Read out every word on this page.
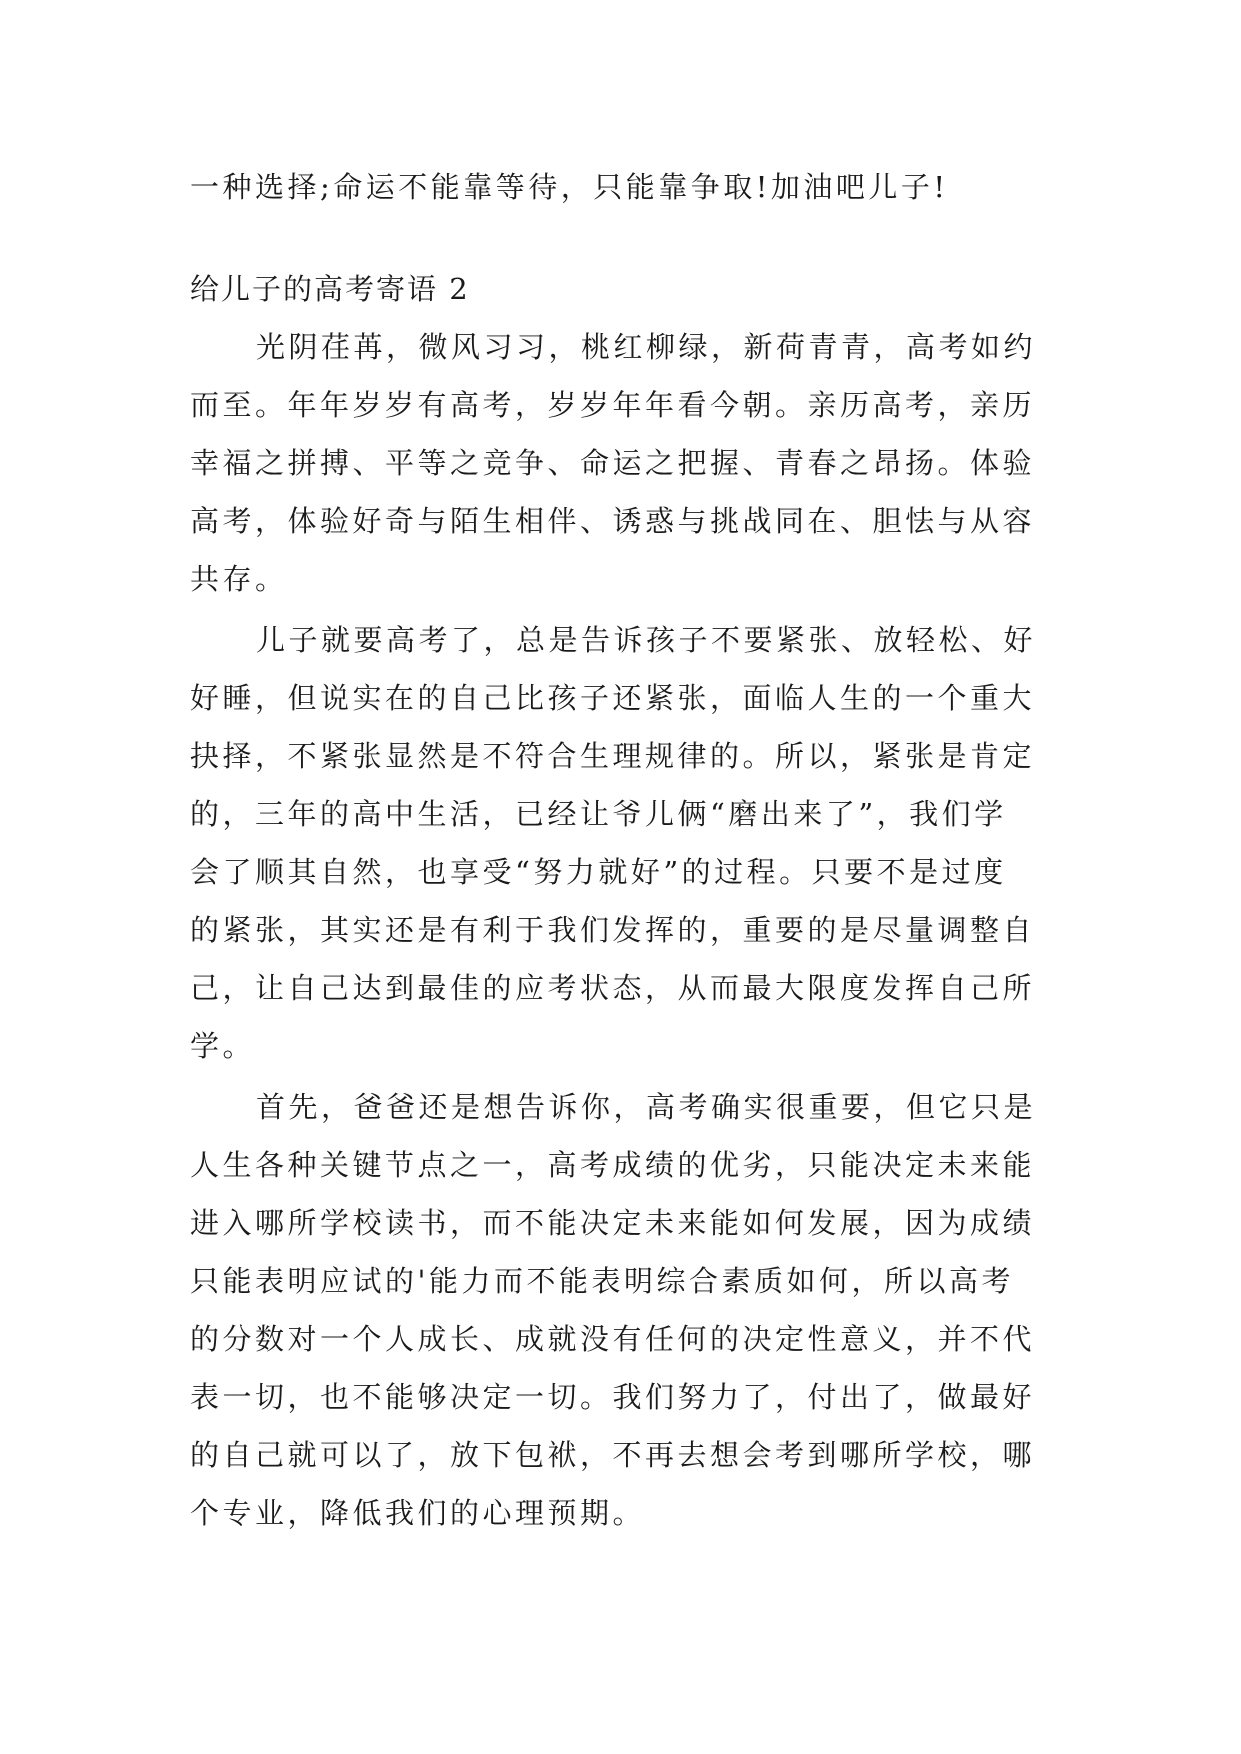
一种选择;命运不能靠等待，只能靠争取!加油吧儿子!

给儿子的高考寄语 2

光阴荏苒，微风习习，桃红柳绿，新荷青青，高考如约

而至。年年岁岁有高考，岁岁年年看今朝。亲历高考，亲历

幸福之拼搏、平等之竞争、命运之把握、青春之昂扬。体验

高考，体验好奇与陌生相伴、诱惑与挑战同在、胆怯与从容

共存。

儿子就要高考了，总是告诉孩子不要紧张、放轻松、好

好睡，但说实在的自己比孩子还紧张，面临人生的一个重大

抉择，不紧张显然是不符合生理规律的。所以，紧张是肯定

的，三年的高中生活，已经让爷儿俩“磨出来了”，我们学

会了顺其自然，也享受“努力就好”的过程。只要不是过度

的紧张，其实还是有利于我们发挥的，重要的是尽量调整自

己，让自己达到最佳的应考状态，从而最大限度发挥自己所

学。

首先，爸爸还是想告诉你，高考确实很重要，但它只是

人生各种关键节点之一，高考成绩的优劣，只能决定未来能

进入哪所学校读书，而不能决定未来能如何发展，因为成绩

只能表明应试的'能力而不能表明综合素质如何，所以高考

的分数对一个人成长、成就没有任何的决定性意义，并不代

表一切，也不能够决定一切。我们努力了，付出了，做最好

的自己就可以了，放下包袱，不再去想会考到哪所学校，哪

个专业，降低我们的心理预期。
